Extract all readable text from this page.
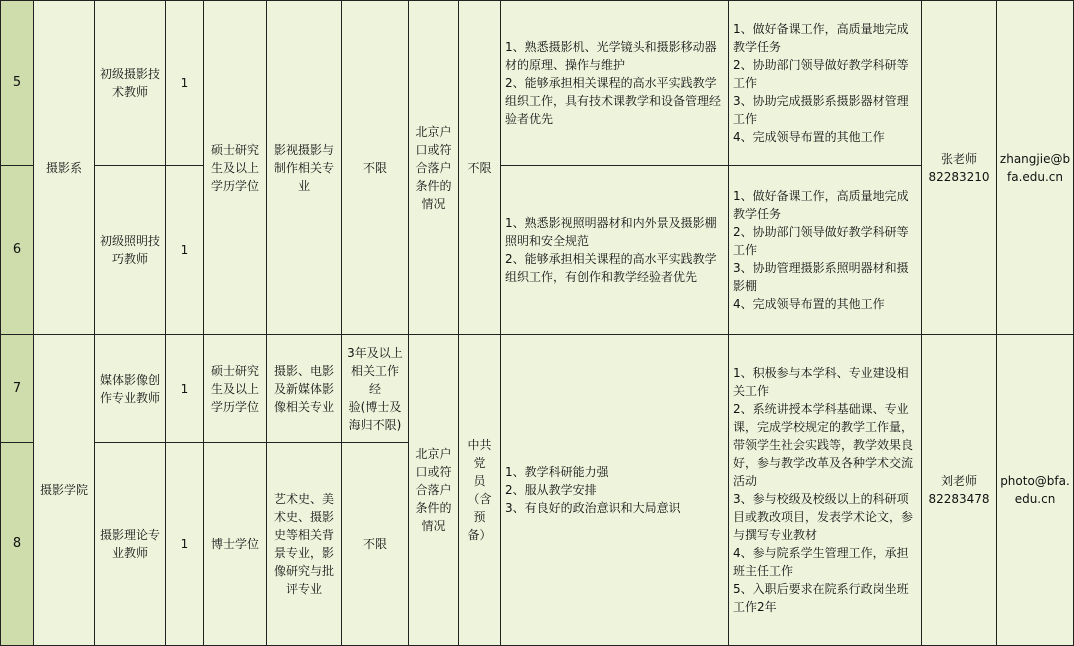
5
6
摄影系
初级摄影技
术教师
初级照明技
巧教师
1
1
硕士研究
生及以上
学历学位
影视摄影与
制作相关专
业
不限
北京户
口或符
合落户
条件的
情况
不限
1、熟悉摄影机、光学镜头和摄影移动器
材的原理、操作与维护
2、能够承担相关课程的高水平实践教学
组织工作，具有技术课教学和设备管理经
验者优先
1、熟悉影视照明器材和内外景及摄影棚
照明和安全规范
2、能够承担相关课程的高水平实践教学
组织工作，有创作和教学经验者优先
1、做好备课工作，高质量地完成
教学任务
2、协助部门领导做好教学科研等
工作
3、协助完成摄影系摄影器材管理
工作
4、完成领导布置的其他工作
1、做好备课工作，高质量地完成
教学任务
2、协助部门领导做好教学科研等
工作
3、协助管理摄影系照明器材和摄
影棚
4、完成领导布置的其他工作
张老师
82283210
zhangjie@b
fa.edu.cn
7
8
摄影学院
媒体影像创
作专业教师
摄影理论专
业教师
1
1
硕士研究
生及以上
学历学位
博士学位
摄影、电影
及新媒体影
像相关专业
艺术史、美
术史、摄影
史等相关背
景专业，影
像研究与批
评专业
3年及以上
相关工作经
验(博士及
海归不限)
不限
北京户
口或符
合落户
条件的
情况
中共党
员
（含预
备）
1、教学科研能力强
2、服从教学安排
3、有良好的政治意识和大局意识
1、积极参与本学科、专业建设相
关工作
2、系统讲授本学科基础课、专业
课，完成学校规定的教学工作量，
带领学生社会实践等，教学效果良
好，参与教学改革及各种学术交流
活动
3、参与校级及校级以上的科研项
目或教改项目，发表学术论文，参
与撰写专业教材
4、参与院系学生管理工作，承担
班主任工作
5、入职后要求在院系行政岗坐班
工作2年
刘老师
82283478
photo@bfa.
edu.cn
